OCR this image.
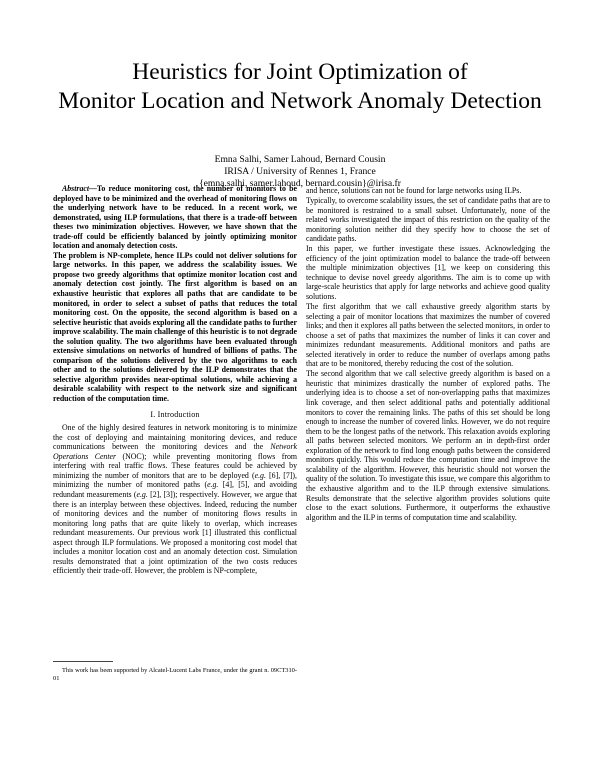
Heuristics for Joint Optimization of
Monitor Location and Network Anomaly Detection
Emna Salhi, Samer Lahoud, Bernard Cousin
IRISA / University of Rennes 1, France
{emna.salhi, samer.lahoud, bernard.cousin}@irisa.fr

Abstract—To reduce monitoring cost, the number of monitors to be deployed have to be minimized and the overhead of monitoring flows on the underlying network have to be reduced. In a recent work, we demonstrated, using ILP formulations, that there is a trade-off between theses two minimization objectives. However, we have shown that the trade-off could be efficiently balanced by jointly optimizing monitor location and anomaly detection costs.

The problem is NP-complete, hence ILPs could not deliver solutions for large networks. In this paper, we address the scalability issues. We propose two greedy algorithms that optimize monitor location cost and anomaly detection cost jointly. The first algorithm is based on an exhaustive heuristic that explores all paths that are candidate to be monitored, in order to select a subset of paths that reduces the total monitoring cost. On the opposite, the second algorithm is based on a selective heuristic that avoids exploring all the candidate paths to further improve scalability. The main challenge of this heuristic is to not degrade the solution quality. The two algorithms have been evaluated through extensive simulations on networks of hundred of billions of paths. The comparison of the solutions delivered by the two algorithms to each other and to the solutions delivered by the ILP demonstrates that the selective algorithm provides near-optimal solutions, while achieving a desirable scalability with respect to the network size and significant reduction of the computation time.

I. Introduction

One of the highly desired features in network monitoring is to minimize the cost of deploying and maintaining monitoring devices, and reduce communications between the monitoring devices and the Network Operations Center (NOC); while preventing monitoring flows from interfering with real traffic flows. These features could be achieved by minimizing the number of monitors that are to be deployed (e.g. [6], [7]), minimizing the number of monitored paths (e.g. [4], [5], and avoiding redundant measurements (e.g. [2], [3]); respectively. However, we argue that there is an interplay between these objectives. Indeed, reducing the number of monitoring devices and the number of monitoring flows results in monitoring long paths that are quite likely to overlap, which increases redundant measurements. Our previous work [1] illustrated this conflictual aspect through ILP formulations. We proposed a monitoring cost model that includes a monitor location cost and an anomaly detection cost. Simulation results demonstrated that a joint optimization of the two costs reduces efficiently their trade-off. However, the problem is NP-complete,

This work has been supported by Alcatel-Lucent Labs France, under the grant n. 09CT310-01

and hence, solutions can not be found for large networks using ILPs.

Typically, to overcome scalability issues, the set of candidate paths that are to be monitored is restrained to a small subset. Unfortunately, none of the related works investigated the impact of this restriction on the quality of the monitoring solution neither did they specify how to choose the set of candidate paths.

In this paper, we further investigate these issues. Acknowledging the efficiency of the joint optimization model to balance the trade-off between the multiple minimization objectives [1], we keep on considering this technique to devise novel greedy algorithms. The aim is to come up with large-scale heuristics that apply for large networks and achieve good quality solutions.

The first algorithm that we call exhaustive greedy algorithm starts by selecting a pair of monitor locations that maximizes the number of covered links; and then it explores all paths between the selected monitors, in order to choose a set of paths that maximizes the number of links it can cover and minimizes redundant measurements. Additional monitors and paths are selected iteratively in order to reduce the number of overlaps among paths that are to be monitored, thereby reducing the cost of the solution.

The second algorithm that we call selective greedy algorithm is based on a heuristic that minimizes drastically the number of explored paths. The underlying idea is to choose a set of non-overlapping paths that maximizes link coverage, and then select additional paths and potentially additional monitors to cover the remaining links. The paths of this set should be long enough to increase the number of covered links. However, we do not require them to be the longest paths of the network. This relaxation avoids exploring all paths between selected monitors. We perform an in depth-first order exploration of the network to find long enough paths between the considered monitors quickly. This would reduce the computation time and improve the scalability of the algorithm. However, this heuristic should not worsen the quality of the solution. To investigate this issue, we compare this algorithm to the exhaustive algorithm and to the ILP through extensive simulations. Results demonstrate that the selective algorithm provides solutions quite close to the exact solutions. Furthermore, it outperforms the exhaustive algorithm and the ILP in terms of computation time and scalability.
